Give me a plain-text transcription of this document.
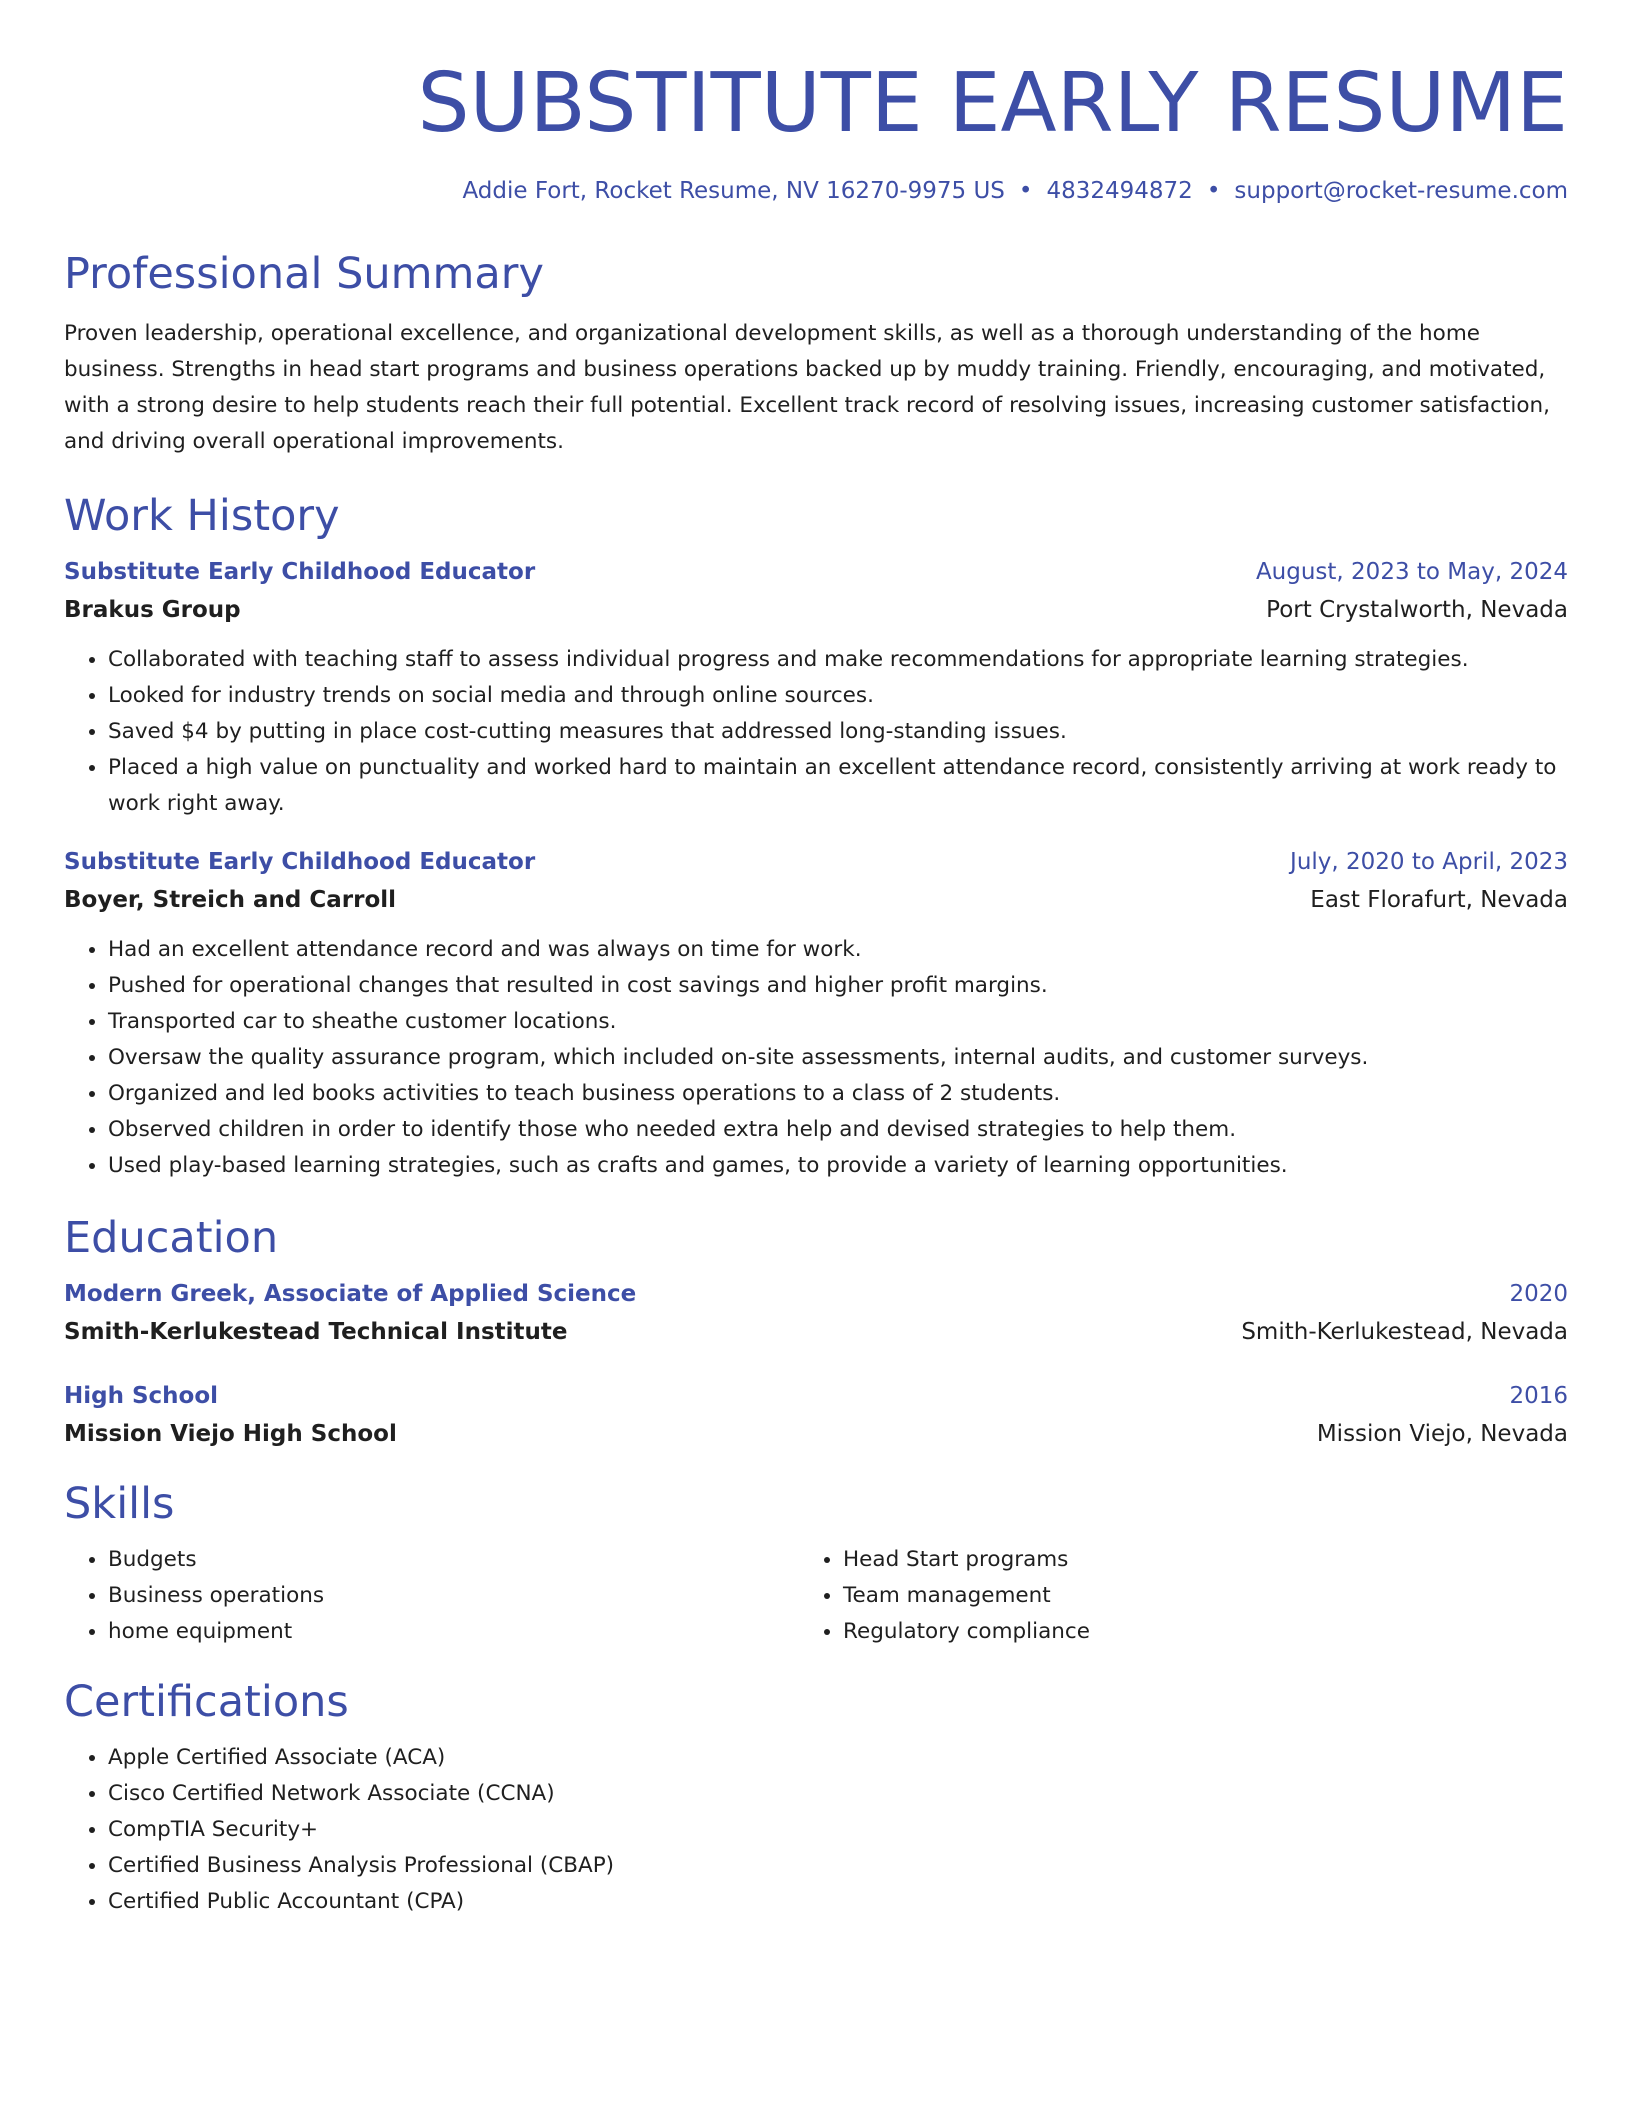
SUBSTITUTE EARLY RESUME
Addie Fort, Rocket Resume, NV 16270-9975 US • 4832494872 • support@rocket-resume.com
Professional Summary

Proven leadership, operational excellence, and organizational development skills, as well as a thorough understanding of the home business. Strengths in head start programs and business operations backed up by muddy training. Friendly, encouraging, and motivated, with a strong desire to help students reach their full potential. Excellent track record of resolving issues, increasing customer satisfaction, and driving overall operational improvements.

Work History
Substitute Early Childhood Educator	August, 2023 to May, 2024
Brakus Group	Port Crystalworth, Nevada
• Collaborated with teaching staff to assess individual progress and make recommendations for appropriate learning strategies.
• Looked for industry trends on social media and through online sources.
• Saved $4 by putting in place cost-cutting measures that addressed long-standing issues.
• Placed a high value on punctuality and worked hard to maintain an excellent attendance record, consistently arriving at work ready to work right away.
Substitute Early Childhood Educator	July, 2020 to April, 2023
Boyer, Streich and Carroll	East Florafurt, Nevada
• Had an excellent attendance record and was always on time for work.
• Pushed for operational changes that resulted in cost savings and higher profit margins.
• Transported car to sheathe customer locations.
• Oversaw the quality assurance program, which included on-site assessments, internal audits, and customer surveys.
• Organized and led books activities to teach business operations to a class of 2 students.
• Observed children in order to identify those who needed extra help and devised strategies to help them.
• Used play-based learning strategies, such as crafts and games, to provide a variety of learning opportunities.
Education
Modern Greek, Associate of Applied Science	2020
Smith-Kerlukestead Technical Institute	Smith-Kerlukestead, Nevada
High School	2016
Mission Viejo High School	Mission Viejo, Nevada
Skills
• Budgets
• Business operations
• home equipment
• Head Start programs
• Team management
• Regulatory compliance
Certifications
• Apple Certified Associate (ACA)
• Cisco Certified Network Associate (CCNA)
• CompTIA Security+
• Certified Business Analysis Professional (CBAP)
• Certified Public Accountant (CPA)
